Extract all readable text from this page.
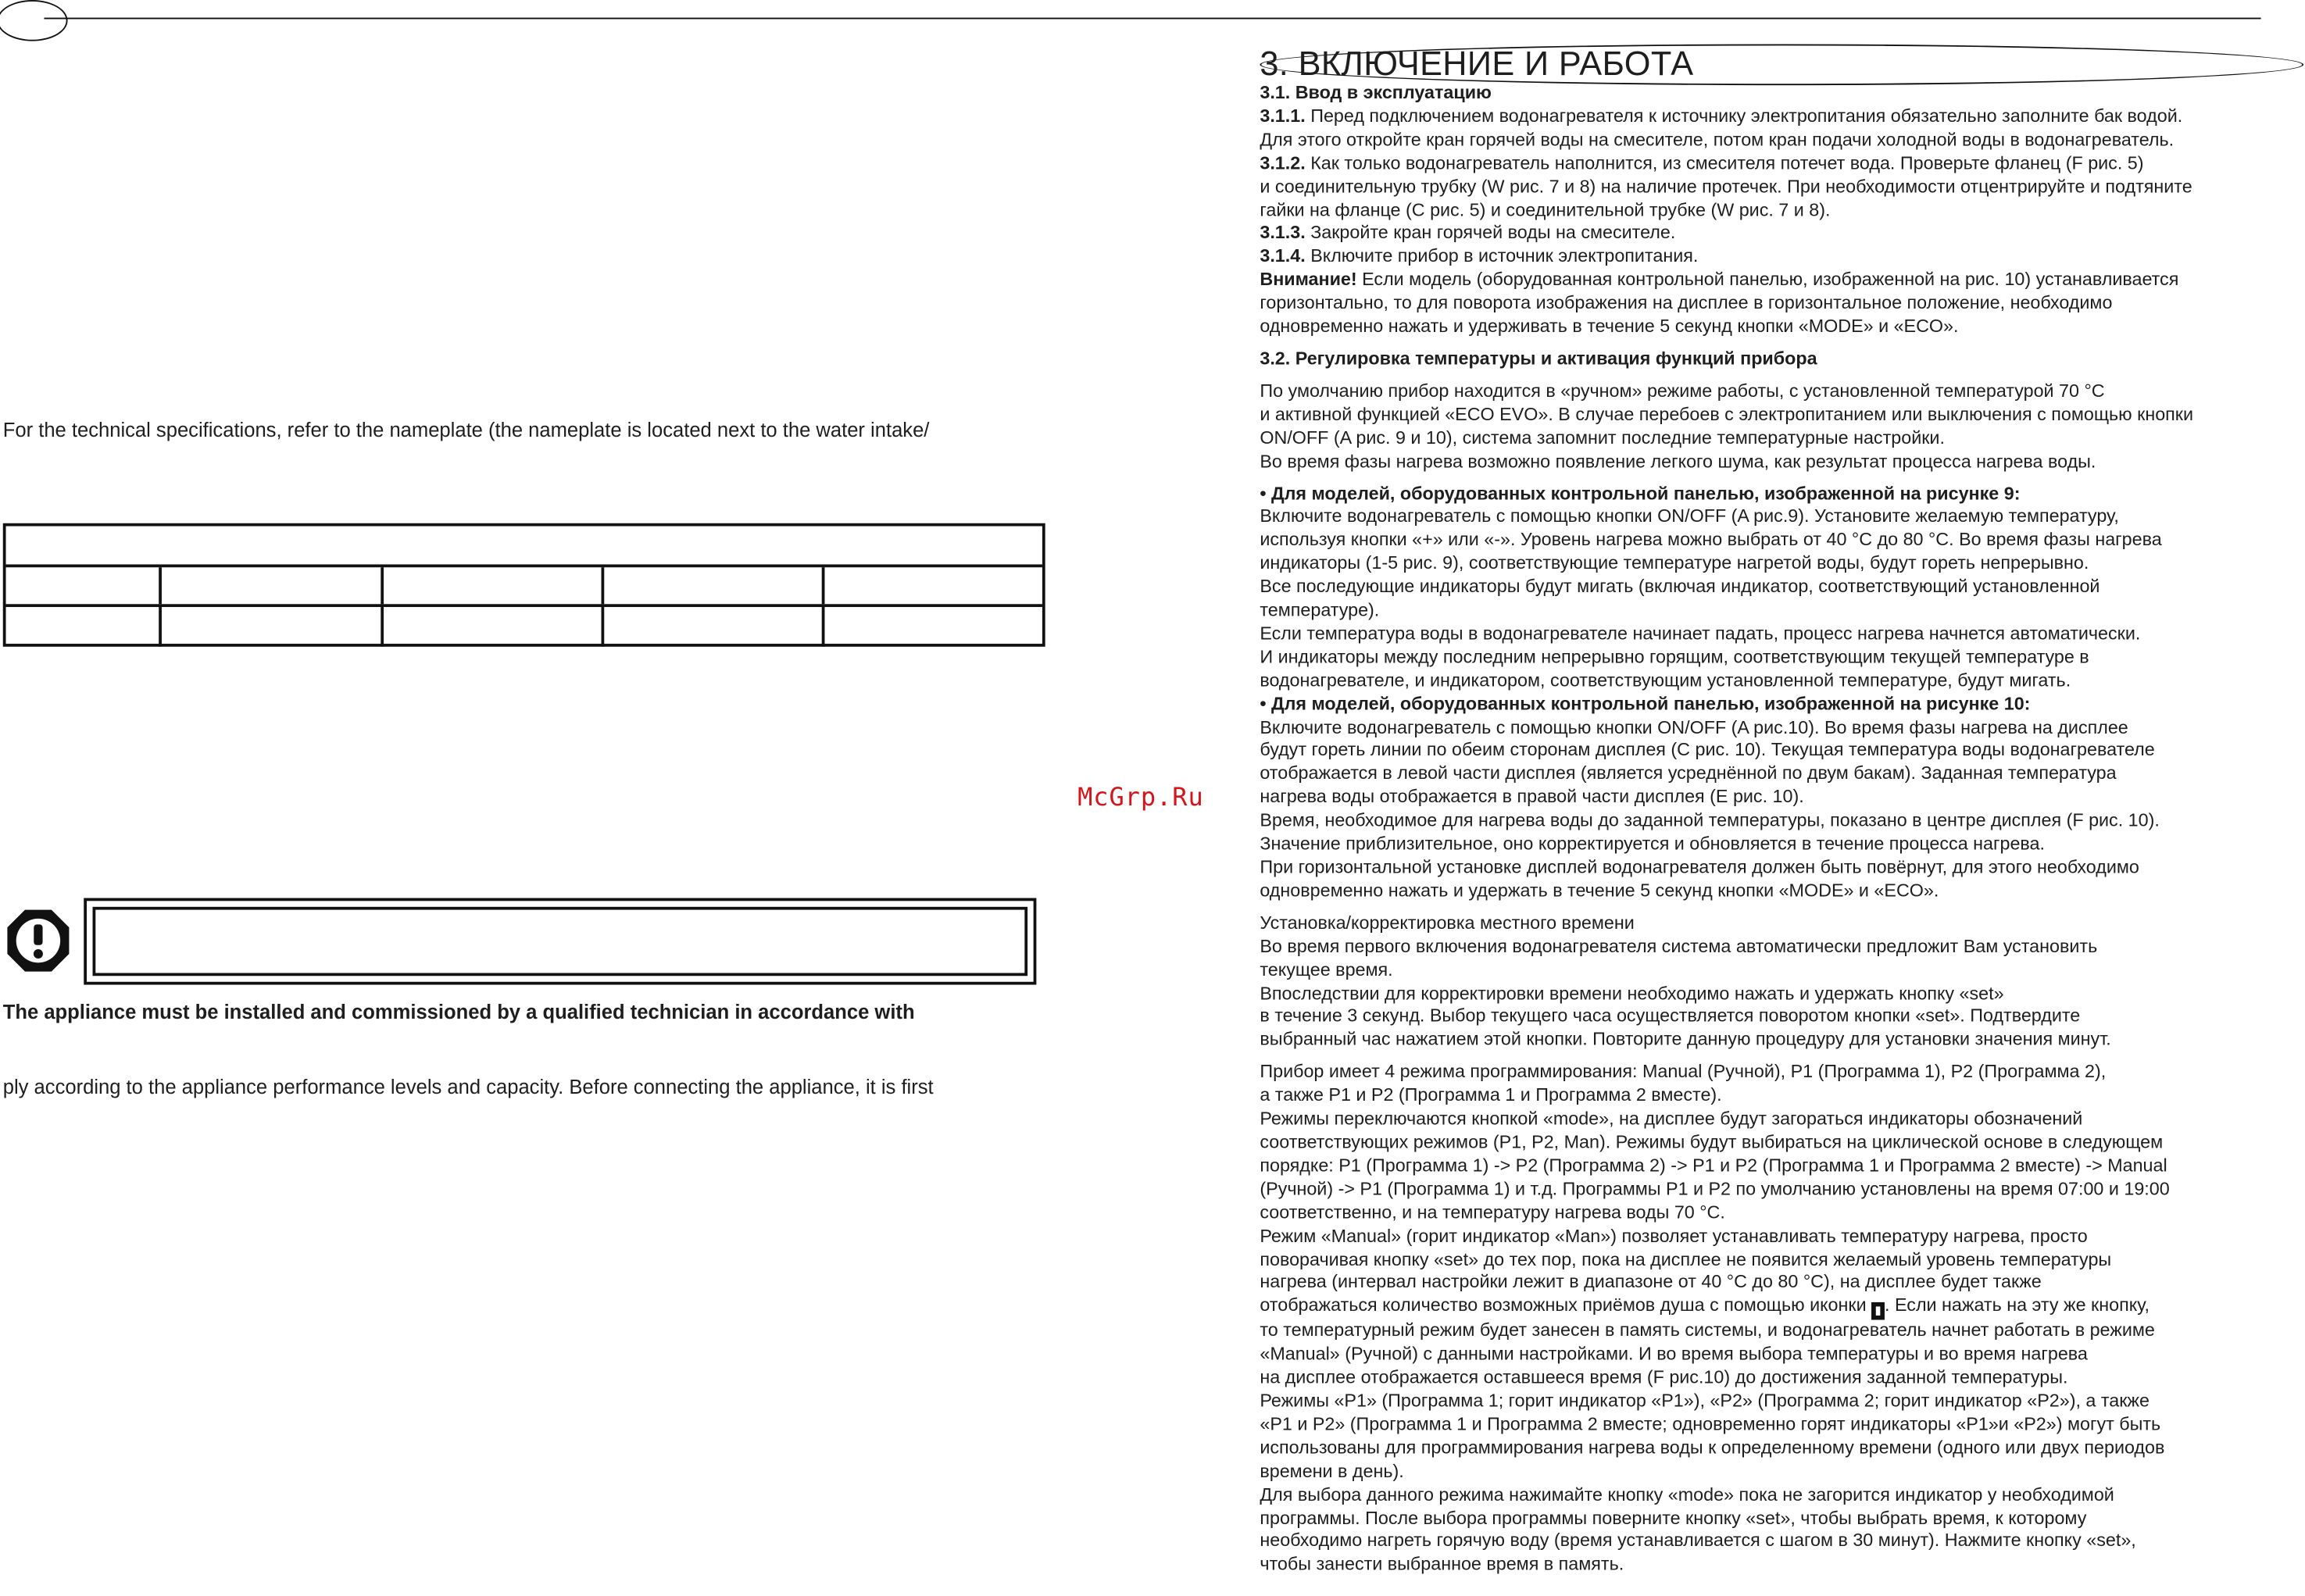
For the technical specifications, refer to the nameplate (the nameplate is located next to the water intake/
The appliance must be installed and commissioned by a qualified technician in accordance with
ply according to the appliance performance levels and capacity. Before connecting the appliance, it is first
McGrp.Ru
3. ВКЛЮЧЕНИЕ И РАБОТА

3.1. Ввод в эксплуатацию

3.1.1. Перед подключением водонагревателя к источнику электропитания обязательно заполните бак водой.

Для этого откройте кран горячей воды на смесителе, потом кран подачи холодной воды в водонагреватель.

3.1.2. Как только водонагреватель наполнится, из смесителя потечет вода. Проверьте фланец (F рис. 5)

и соединительную трубку (W рис. 7 и 8) на наличие протечек. При необходимости отцентрируйте и подтяните

гайки на фланце (C рис. 5) и соединительной трубке (W рис. 7 и 8).

3.1.3. Закройте кран горячей воды на смесителе.

3.1.4. Включите прибор в источник электропитания.

Внимание! Если модель (оборудованная контрольной панелью, изображенной на рис. 10) устанавливается

горизонтально, то для поворота изображения на дисплее в горизонтальное положение, необходимо

одновременно нажать и удерживать в течение 5 секунд кнопки «MODE» и «ECO».

3.2. Регулировка температуры и активация функций прибора

По умолчанию прибор находится в «ручном» режиме работы, с установленной температурой 70 °C

и активной функцией «ECO EVO». В случае перебоев с электропитанием или выключения с помощью кнопки

ON/OFF (A рис. 9 и 10), система запомнит последние температурные настройки.

Во время фазы нагрева возможно появление легкого шума, как результат процесса нагрева воды.

• Для моделей, оборудованных контрольной панелью, изображенной на рисунке 9:

Включите водонагреватель с помощью кнопки ON/OFF (A рис.9). Установите желаемую температуру,

используя кнопки «+» или «-». Уровень нагрева можно выбрать от 40 °C до 80 °C. Во время фазы нагрева

индикаторы (1-5 рис. 9), соответствующие температуре нагретой воды, будут гореть непрерывно.

Все последующие индикаторы будут мигать (включая индикатор, соответствующий установленной

температуре).

Если температура воды в водонагревателе начинает падать, процесс нагрева начнется автоматически.

И индикаторы между последним непрерывно горящим, соответствующим текущей температуре в

водонагревателе, и индикатором, соответствующим установленной температуре, будут мигать.

• Для моделей, оборудованных контрольной панелью, изображенной на рисунке 10:

Включите водонагреватель с помощью кнопки ON/OFF (A рис.10). Во время фазы нагрева на дисплее

будут гореть линии по обеим сторонам дисплея (C рис. 10). Текущая температура воды водонагревателе

отображается в левой части дисплея (является усреднённой по двум бакам). Заданная температура

нагрева воды отображается в правой части дисплея (E рис. 10).

Время, необходимое для нагрева воды до заданной температуры, показано в центре дисплея (F рис. 10).

Значение приблизительное, оно корректируется и обновляется в течение процесса нагрева.

При горизонтальной установке дисплей водонагревателя должен быть повёрнут, для этого необходимо

одновременно нажать и удержать в течение 5 секунд кнопки «MODE» и «ECO».

Установка/корректировка местного времени

Во время первого включения водонагревателя система автоматически предложит Вам установить

текущее время.

Впоследствии для корректировки времени необходимо нажать и удержать кнопку «set»

в течение 3 секунд. Выбор текущего часа осуществляется поворотом кнопки «set». Подтвердите

выбранный час нажатием этой кнопки. Повторите данную процедуру для установки значения минут.

Прибор имеет 4 режима программирования: Manual (Ручной), P1 (Программа 1), P2 (Программа 2),

а также P1 и P2 (Программа 1 и Программа 2 вместе).

Режимы переключаются кнопкой «mode», на дисплее будут загораться индикаторы обозначений

соответствующих режимов (P1, P2, Man). Режимы будут выбираться на циклической основе в следующем

порядке: P1 (Программа 1) -> P2 (Программа 2) -> P1 и P2 (Программа 1 и Программа 2 вместе) -> Manual

(Ручной) -> P1 (Программа 1) и т.д. Программы P1 и P2 по умолчанию установлены на время 07:00 и 19:00

соответственно, и на температуру нагрева воды 70 °C.

Режим «Manual» (горит индикатор «Man») позволяет устанавливать температуру нагрева, просто

поворачивая кнопку «set» до тех пор, пока на дисплее не появится желаемый уровень температуры

нагрева (интервал настройки лежит в диапазоне от 40 °C до 80 °C), на дисплее будет также

отображаться количество возможных приёмов душа с помощью иконки ▮ . Если нажать на эту же кнопку,

то температурный режим будет занесен в память системы, и водонагреватель начнет работать в режиме

«Manual» (Ручной) с данными настройками. И во время выбора температуры и во время нагрева

на дисплее отображается оставшееся время (F рис.10) до достижения заданной температуры.

Режимы «P1» (Программа 1; горит индикатор «P1»), «P2» (Программа 2; горит индикатор «P2»), а также

«P1 и P2» (Программа 1 и Программа 2 вместе; одновременно горят индикаторы «P1»и «P2») могут быть

использованы для программирования нагрева воды к определенному времени (одного или двух периодов

времени в день).

Для выбора данного режима нажимайте кнопку «mode» пока не загорится индикатор у необходимой

программы. После выбора программы поверните кнопку «set», чтобы выбрать время, к которому

необходимо нагреть горячую воду (время устанавливается с шагом в 30 минут). Нажмите кнопку «set»,

чтобы занести выбранное время в память.
